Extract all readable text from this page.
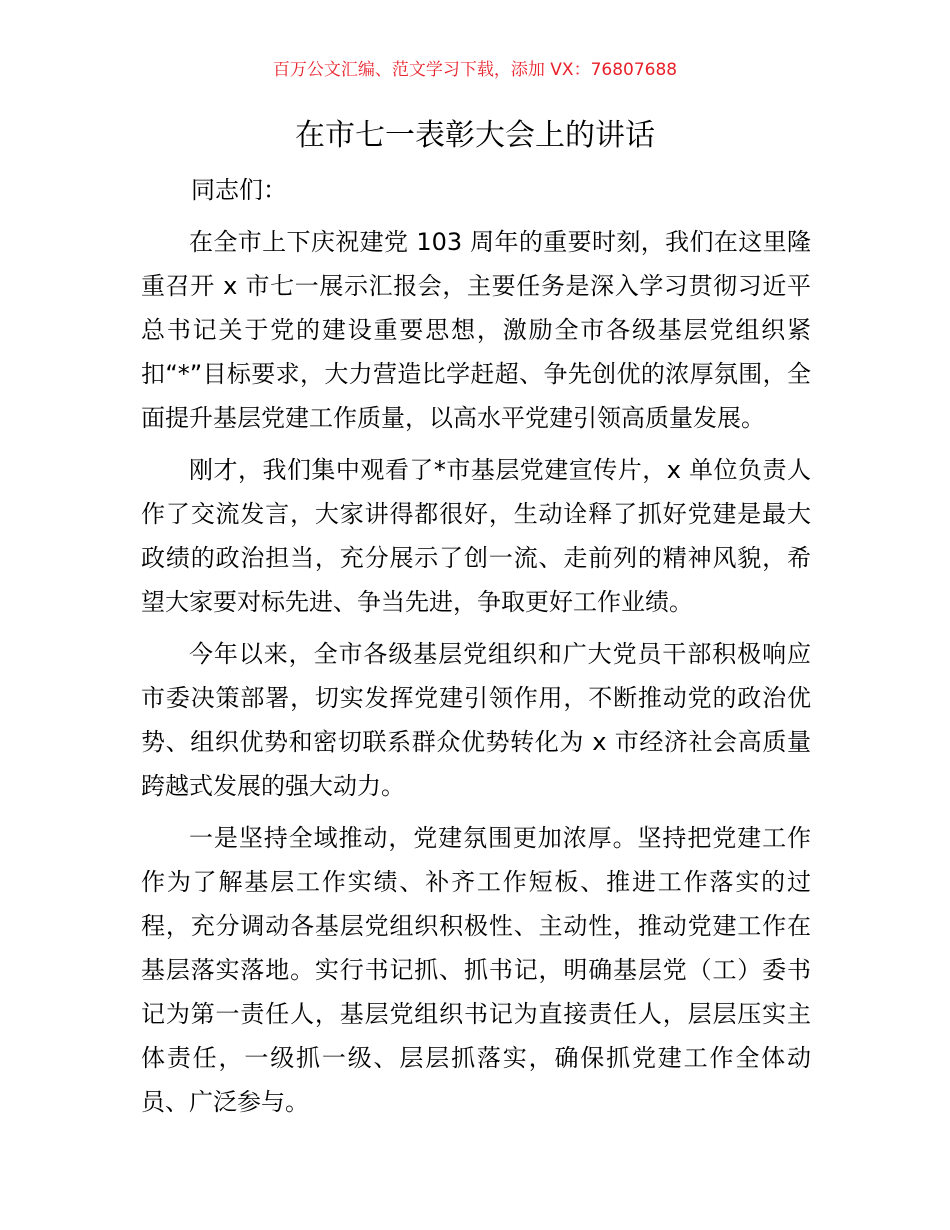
百万公文汇编、范文学习下载，添加 VX：76807688
在市七一表彰大会上的讲话

同志们：

在全市上下庆祝建党 103 周年的重要时刻，我们在这里隆重召开 x 市七一展示汇报会，主要任务是深入学习贯彻习近平总书记关于党的建设重要思想，激励全市各级基层党组织紧扣“*”目标要求，大力营造比学赶超、争先创优的浓厚氛围，全面提升基层党建工作质量，以高水平党建引领高质量发展。

刚才，我们集中观看了*市基层党建宣传片，x 单位负责人作了交流发言，大家讲得都很好，生动诠释了抓好党建是最大政绩的政治担当，充分展示了创一流、走前列的精神风貌，希望大家要对标先进、争当先进，争取更好工作业绩。

今年以来，全市各级基层党组织和广大党员干部积极响应市委决策部署，切实发挥党建引领作用，不断推动党的政治优势、组织优势和密切联系群众优势转化为 x 市经济社会高质量跨越式发展的强大动力。

一是坚持全域推动，党建氛围更加浓厚。坚持把党建工作作为了解基层工作实绩、补齐工作短板、推进工作落实的过程，充分调动各基层党组织积极性、主动性，推动党建工作在基层落实落地。实行书记抓、抓书记，明确基层党（工）委书记为第一责任人，基层党组织书记为直接责任人，层层压实主体责任，一级抓一级、层层抓落实，确保抓党建工作全体动员、广泛参与。
